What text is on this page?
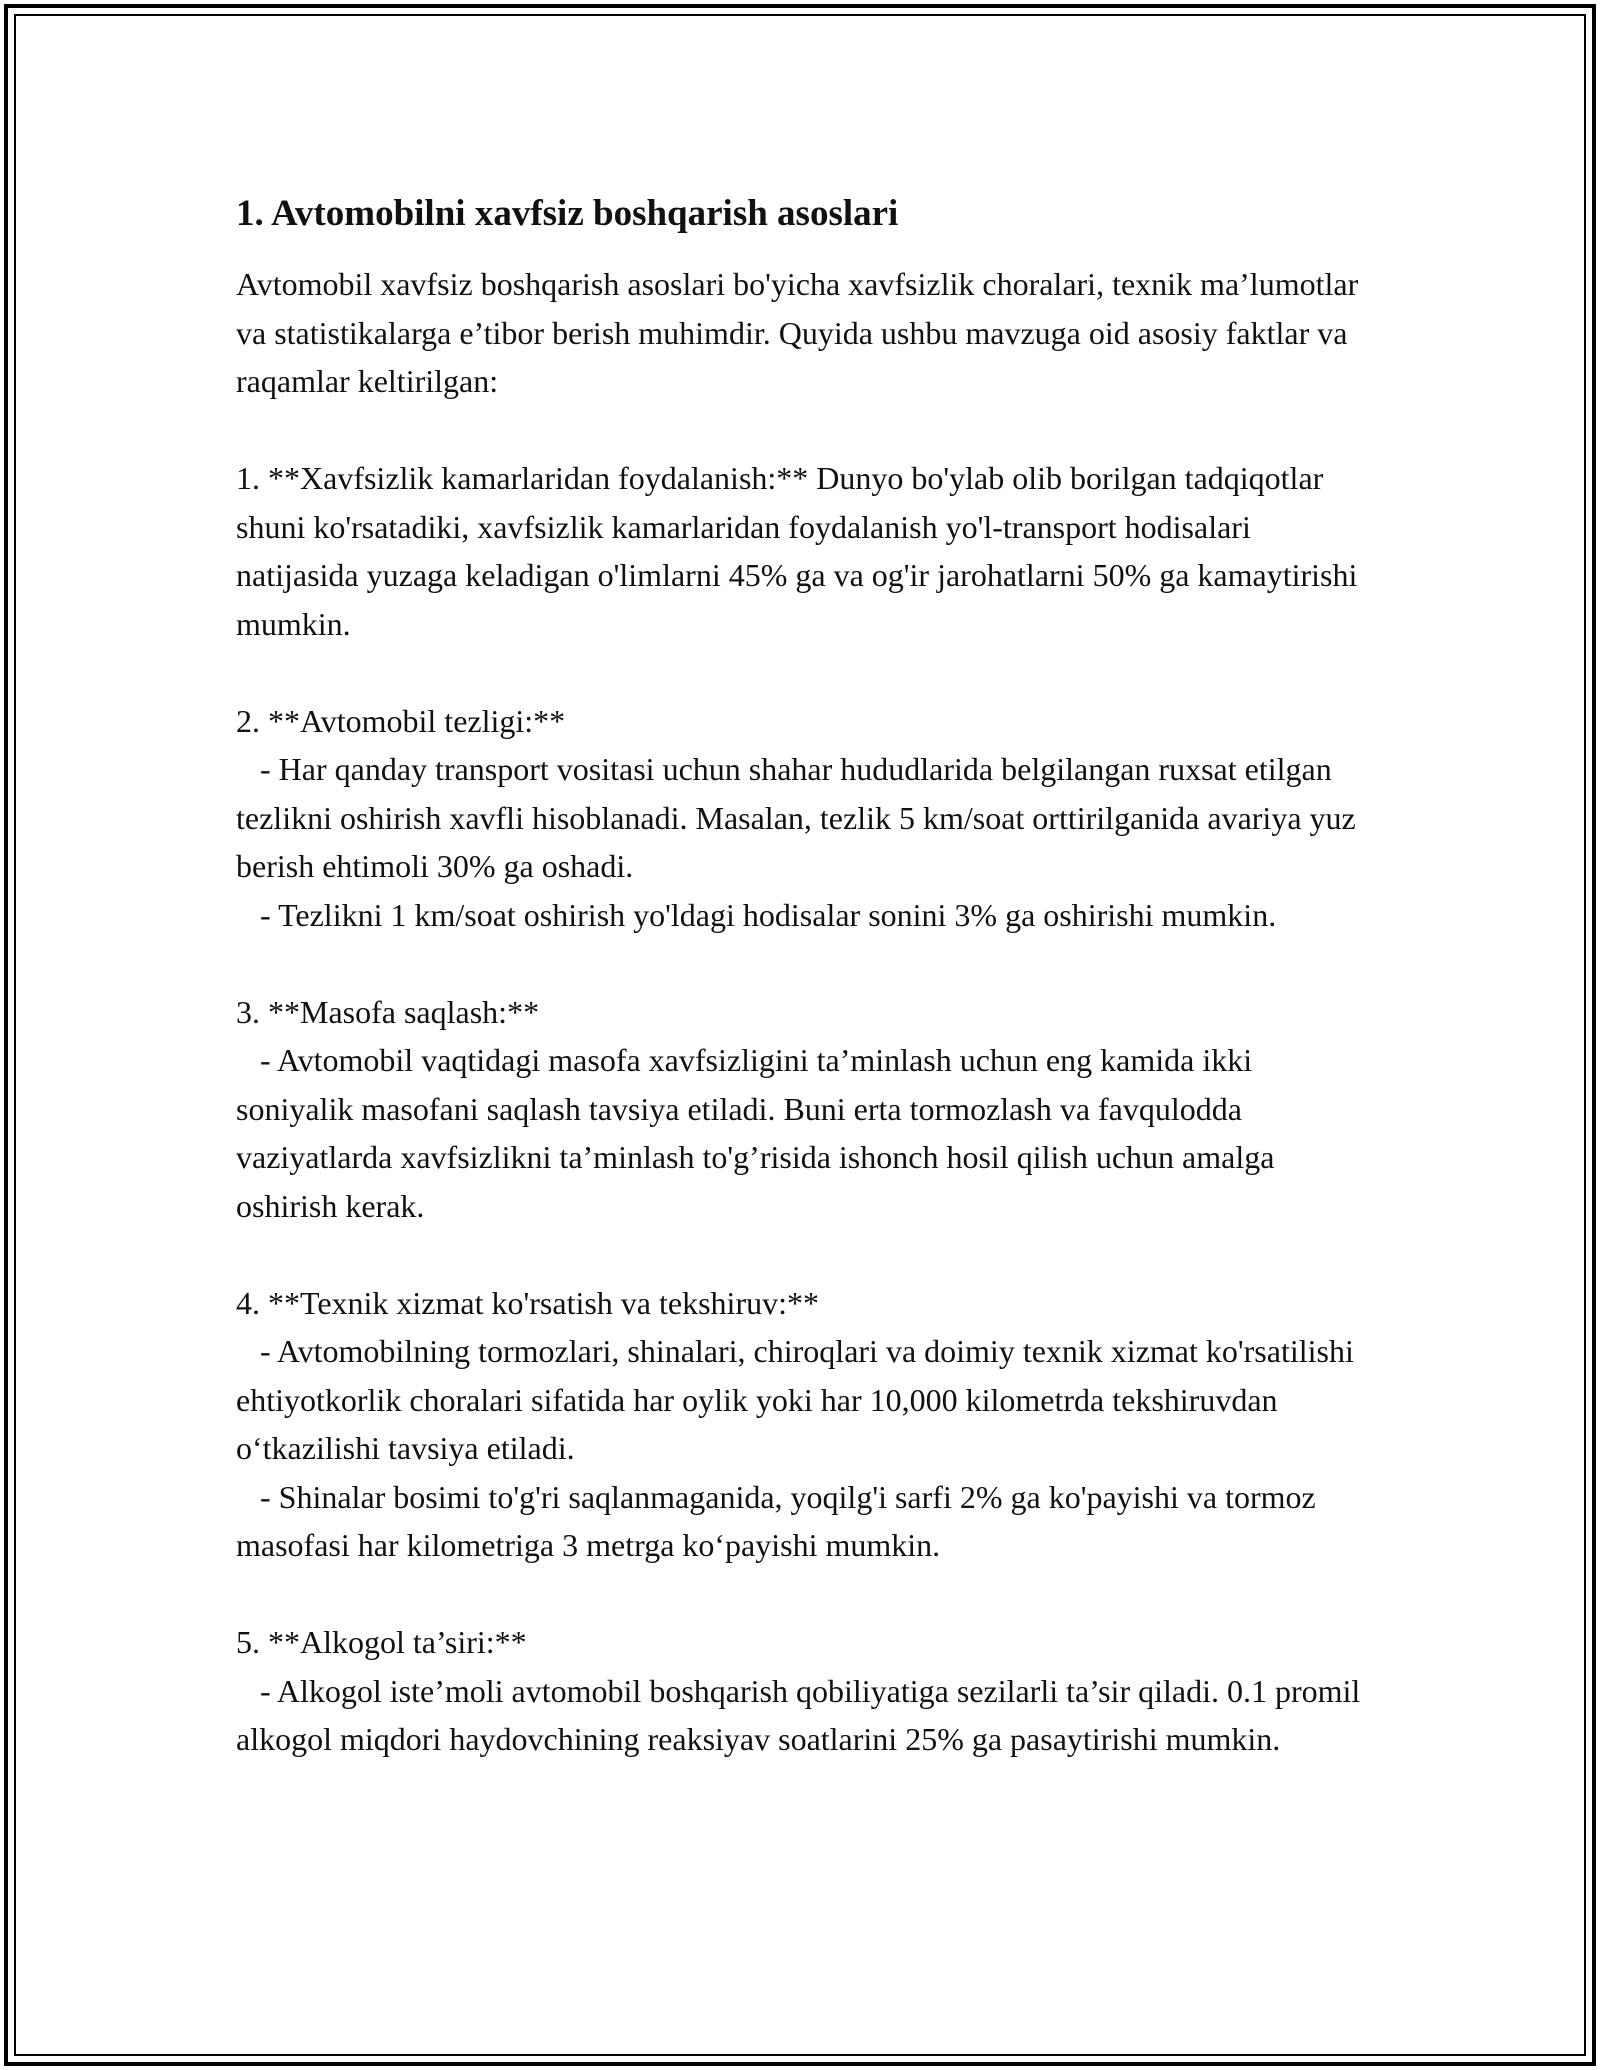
1. Avtomobilni xavfsiz boshqarish asoslari

Avtomobil xavfsiz boshqarish asoslari bo'yicha xavfsizlik choralari, texnik ma’lumotlar va statistikalarga e’tibor berish muhimdir. Quyida ushbu mavzuga oid asosiy faktlar va raqamlar keltirilgan:

1. **Xavfsizlik kamarlaridan foydalanish:** Dunyo bo'ylab olib borilgan tadqiqotlar shuni ko'rsatadiki, xavfsizlik kamarlaridan foydalanish yo'l-transport hodisalari natijasida yuzaga keladigan o'limlarni 45% ga va og'ir jarohatlarni 50% ga kamaytirishi mumkin.

2. **Avtomobil tezligi:**

- Har qanday transport vositasi uchun shahar hududlarida belgilangan ruxsat etilgan tezlikni oshirish xavfli hisoblanadi. Masalan, tezlik 5 km/soat orttirilganida avariya yuz berish ehtimoli 30% ga oshadi.

- Tezlikni 1 km/soat oshirish yo'ldagi hodisalar sonini 3% ga oshirishi mumkin.

3. **Masofa saqlash:**

- Avtomobil vaqtidagi masofa xavfsizligini ta’minlash uchun eng kamida ikki soniyalik masofani saqlash tavsiya etiladi. Buni erta tormozlash va favqulodda vaziyatlarda xavfsizlikni ta’minlash to'g’risida ishonch hosil qilish uchun amalga oshirish kerak.

4. **Texnik xizmat ko'rsatish va tekshiruv:**

- Avtomobilning tormozlari, shinalari, chiroqlari va doimiy texnik xizmat ko'rsatilishi ehtiyotkorlik choralari sifatida har oylik yoki har 10,000 kilometrda tekshiruvdan o‘tkazilishi tavsiya etiladi.

- Shinalar bosimi to'g'ri saqlanmaganida, yoqilg'i sarfi 2% ga ko'payishi va tormoz masofasi har kilometriga 3 metrga ko‘payishi mumkin.

5. **Alkogol ta’siri:**

- Alkogol iste’moli avtomobil boshqarish qobiliyatiga sezilarli ta’sir qiladi. 0.1 promil alkogol miqdori haydovchining reaksiyav soatlarini 25% ga pasaytirishi mumkin.
